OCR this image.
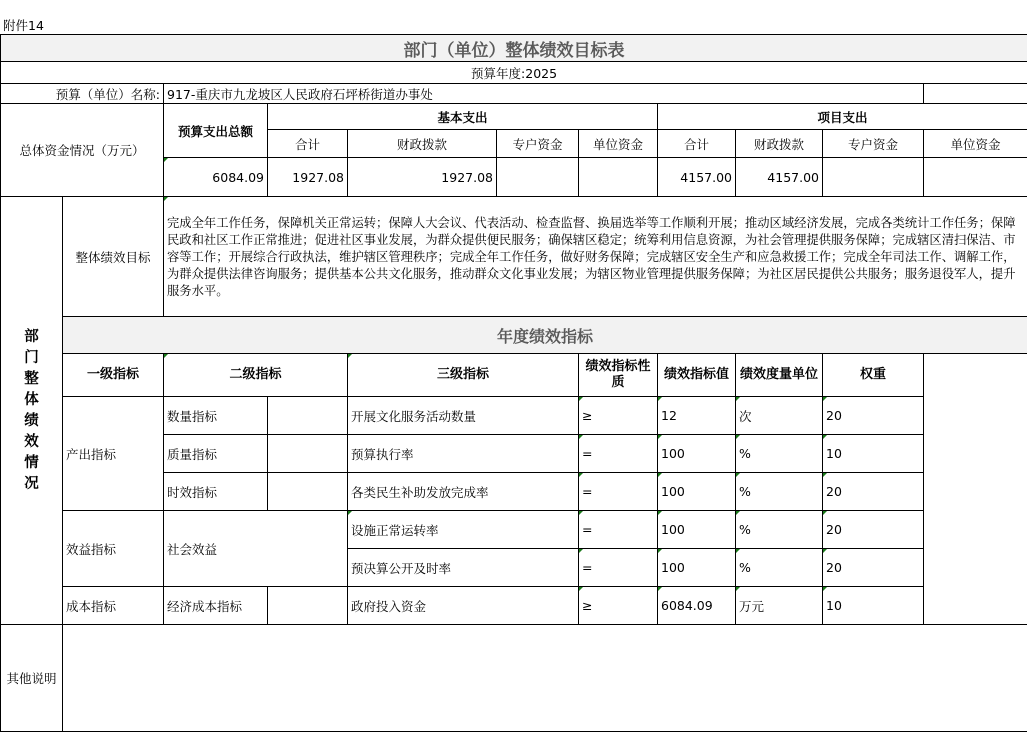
附件14
部门（单位）整体绩效目标表										
预算年度:2025										
预算（单位）名称:		917-重庆市九龙坡区人民政府石坪桥街道办事处								
总体资金情况（万元）		预算支出总额	基本支出				项目支出			
			合计	财政拨款	专户资金	单位资金	合计	财政拨款	专户资金	单位资金
		6084.09	1927.08	1927.08			4157.00	4157.00		
部门整体绩效情况	整体绩效目标	完成全年工作任务，保障机关正常运转；保障人大会议、代表活动、检查监督、换届选举等工作顺利开展；推动区域经济发展，完成各类统计工作任务；保障民政和社区工作正常推进；促进社区事业发展，为群众提供便民服务；确保辖区稳定；统筹利用信息资源，为社会管理提供服务保障；完成辖区清扫保洁、市容等工作；开展综合行政执法，维护辖区管理秩序；完成全年工作任务，做好财务保障；完成辖区安全生产和应急救援工作；完成全年司法工作、调解工作，为群众提供法律咨询服务；提供基本公共文化服务，推动群众文化事业发展；为辖区物业管理提供服务保障；为社区居民提供公共服务；服务退役军人，提升服务水平。								
	年度绩效指标									
	一级指标	二级指标		三级指标		绩效指标性质	绩效指标值	绩效度量单位	权重	
	产出指标	数量指标		开展文化服务活动数量		≥	12	次	20	
		质量指标		预算执行率		=	100	%	10	
		时效指标		各类民生补助发放完成率		=	100	%	20	
	效益指标	社会效益		设施正常运转率		=	100	%	20	
				预决算公开及时率		=	100	%	20	
	成本指标	经济成本指标		政府投入资金		≥	6084.09	万元	10	
其他说明										
